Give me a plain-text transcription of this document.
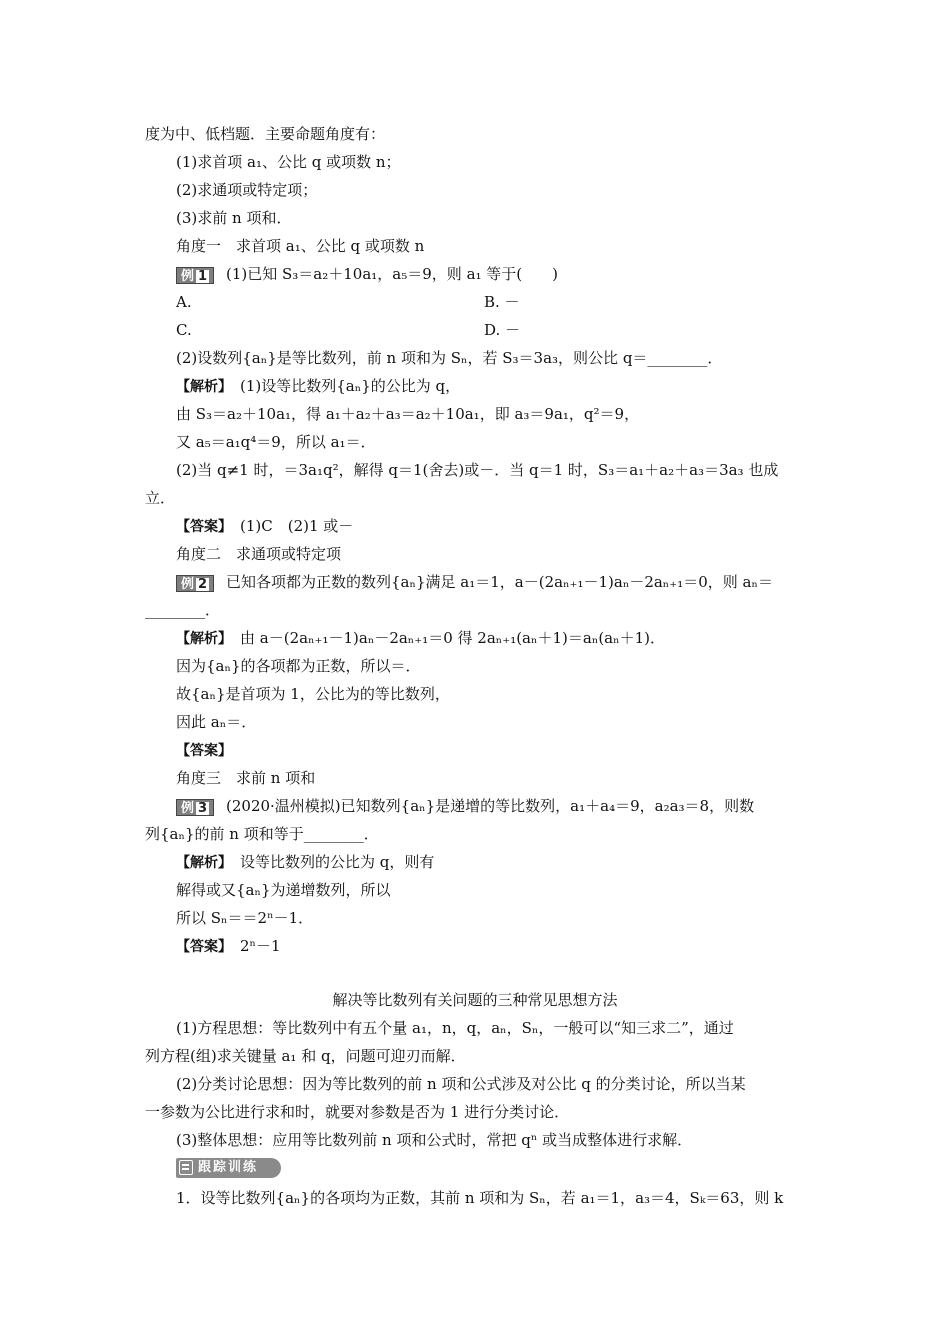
度为中、低档题．主要命题角度有：
(1)求首项 a₁、公比 q 或项数 n；
(2)求通项或特定项；
(3)求前 n 项和．
角度一　求首项 a₁、公比 q 或项数 n
例 1 (1)已知 S₃＝a₂＋10a₁，a₅＝9，则 a₁ 等于(　　)
A.	B. －
C.	D. －
(2)设数列{aₙ}是等比数列，前 n 项和为 Sₙ，若 S₃＝3a₃，则公比 q＝________．
【解析】　 (1)设等比数列{aₙ}的公比为 q，
由 S₃＝a₂＋10a₁，得 a₁＋a₂＋a₃＝a₂＋10a₁，即 a₃＝9a₁，q²＝9，
又 a₅＝a₁q⁴＝9，所以 a₁＝．
(2)当 q≠1 时，＝3a₁q²，解得 q＝1(舍去)或－．当 q＝1 时，S₃＝a₁＋a₂＋a₃＝3a₃ 也成
立．
【答案】　 (1)C　(2)1 或－
角度二　求通项或特定项
例 2 已知各项都为正数的数列{aₙ}满足 a₁＝1，a－(2aₙ₊₁－1)aₙ－2aₙ₊₁＝0，则 aₙ＝
________．
【解析】　 由 a－(2aₙ₊₁－1)aₙ－2aₙ₊₁＝0 得 2aₙ₊₁(aₙ＋1)＝aₙ(aₙ＋1)．
因为{aₙ}的各项都为正数，所以＝．
故{aₙ}是首项为 1，公比为的等比数列，
因此 aₙ＝．
【答案】
角度三　求前 n 项和
例 3 (2020·温州模拟)已知数列{aₙ}是递增的等比数列，a₁＋a₄＝9，a₂a₃＝8，则数
列{aₙ}的前 n 项和等于________．
【解析】　 设等比数列的公比为 q，则有
解得或又{aₙ}为递增数列，所以
所以 Sₙ＝＝2ⁿ－1．
【答案】　 2ⁿ－1
解决等比数列有关问题的三种常见思想方法
(1)方程思想：等比数列中有五个量 a₁，n，q，aₙ，Sₙ，一般可以“知三求二”，通过
列方程(组)求关键量 a₁ 和 q，问题可迎刃而解．
(2)分类讨论思想：因为等比数列的前 n 项和公式涉及对公比 q 的分类讨论，所以当某
一参数为公比进行求和时，就要对参数是否为 1 进行分类讨论．
(3)整体思想：应用等比数列前 n 项和公式时，常把 qⁿ 或当成整体进行求解．
跟踪训练
1．设等比数列{aₙ}的各项均为正数，其前 n 项和为 Sₙ，若 a₁＝1，a₃＝4，Sₖ＝63，则 k
